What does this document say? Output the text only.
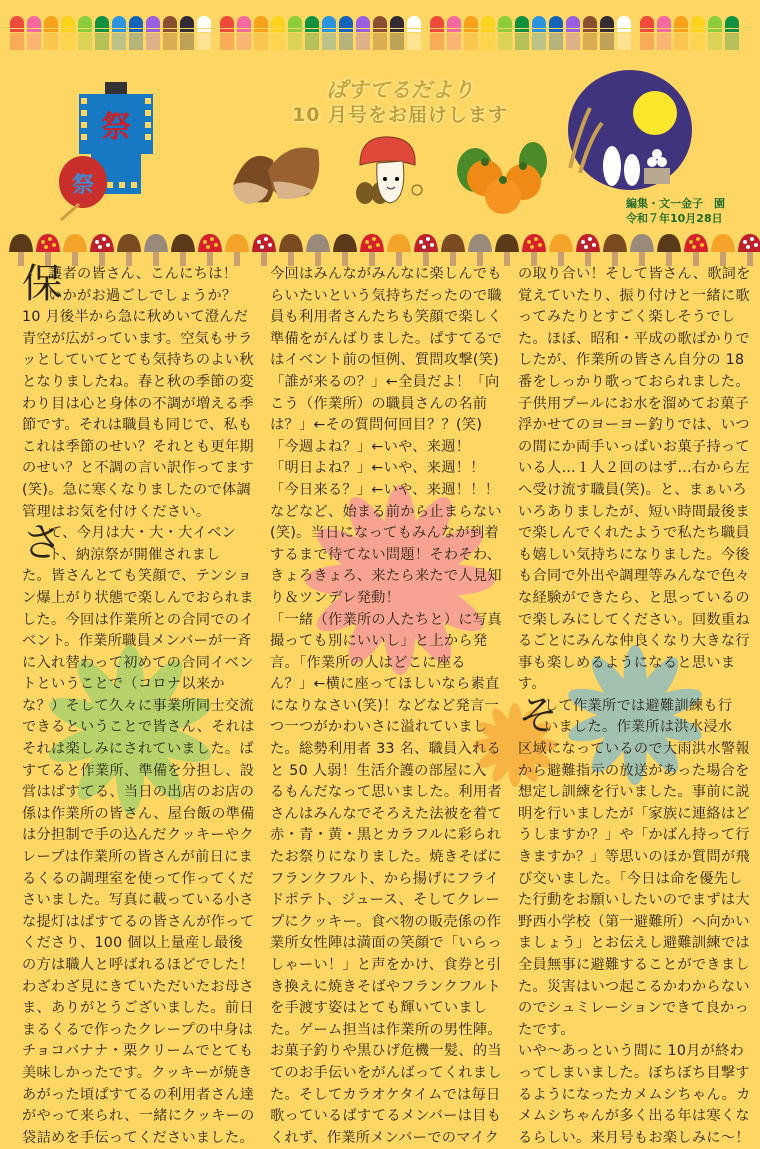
祭
祭
ぱすてるだより
10 月号をお届けします
編集・文一金子　園
令和７年10月28日
保
護者の皆さん、こんにちは！
いかがお過ごしでしょうか？
10 月後半から急に秋めいて澄んだ
青空が広がっています。空気もサラ
ッとしていてとても気持ちのよい秋
となりましたね。春と秋の季節の変
わり目は心と身体の不調が増える季
節です。それは職員も同じで、私も
これは季節のせい？それとも更年期
のせい？と不調の言い訳作ってます
(笑)。急に寒くなりましたので体調
管理はお気を付けください。
さ
て、今月は大・大・大イベン
ト、納涼祭が開催されまし
た。皆さんとても笑顔で、テンショ
ン爆上がり状態で楽しんでおられま
した。今回は作業所との合同でのイ
ベント。作業所職員メンバーが一斉
に入れ替わって初めての合同イベン
トということで（コロナ以来か
な？）そして久々に事業所同士交流
できるということで皆さん、それは
それは楽しみにされていました。ぱ
すてると作業所、準備を分担し、設
営はぱすてる、当日の出店のお店の
係は作業所の皆さん、屋台飯の準備
は分担制で手の込んだクッキーやク
レープは作業所の皆さんが前日にま
るくるの調理室を使って作ってくだ
さいました。写真に載っている小さ
な提灯はぱすてるの皆さんが作って
くださり、100 個以上量産し最後
の方は職人と呼ばれるほどでした！
わざわざ見にきていただいたお母さ
ま、ありがとうございました。前日
まるくるで作ったクレープの中身は
チョコバナナ・栗クリームでとても
美味しかったです。クッキーが焼き
あがった頃ぱすてるの利用者さん達
がやって来られ、一緒にクッキーの
袋詰めを手伝ってくださいました。
今回はみんながみんなに楽しんでも
らいたいという気持ちだったので職
員も利用者さんたちも笑顔で楽しく
準備をがんばりました。ぱすてるで
はイベント前の恒例、質問攻撃(笑)
「誰が来るの？」←全員だよ！「向
こう（作業所）の職員さんの名前
は？」←その質問何回目？？(笑)
「今週よね？」←いや、来週！
「明日よね？」←いや、来週！！
「今日来る？」←いや、来週！！！
などなど、始まる前から止まらない
(笑)。当日になってもみんなが到着
するまで待てない問題！そわそわ、
きょろきょろ、来たら来たで人見知
り＆ツンデレ発動！
「一緒（作業所の人たちと）に写真
撮っても別にいいし」と上から発
言。「作業所の人はどこに座る
ん？」←横に座ってほしいなら素直
になりなさい(笑)！などなど発言一
つ一つがかわいさに溢れていまし
た。総勢利用者 33 名、職員入れる
と 50 人弱！生活介護の部屋に入
るもんだなって思いました。利用者
さんはみんなでそろえた法被を着て
赤・青・黄・黒とカラフルに彩られ
たお祭りになりました。焼きそばに
フランクフルト、から揚げにフライ
ドポテト、ジュース、そしてクレー
プにクッキー。食べ物の販売係の作
業所女性陣は満面の笑顔で「いらっ
しゃーい！」と声をかけ、食券と引
き換えに焼きそばやフランクフルト
を手渡す姿はとても輝いていまし
た。ゲーム担当は作業所の男性陣。
お菓子釣りや黒ひげ危機一髪、的当
てのお手伝いをがんばってくれまし
た。そしてカラオケタイムでは毎日
歌っているぱすてるメンバーは目も
くれず、作業所メンバーでのマイク
の取り合い！そして皆さん、歌詞を
覚えていたり、振り付けと一緒に歌
ってみたりとすごく楽しそうでし
た。ほぼ、昭和・平成の歌ばかりで
したが、作業所の皆さん自分の 18
番をしっかり歌っておられました。
子供用プールにお水を溜めてお菓子
浮かせてのヨーヨー釣りでは、いつ
の間にか両手いっぱいお菓子持って
いる人…１人２回のはず…右から左
へ受け流す職員(笑)。と、まぁいろ
いろありましたが、短い時間最後ま
で楽しんでくれたようで私たち職員
も嬉しい気持ちになりました。今後
も合同で外出や調理等みんなで色々
な経験ができたら、と思っているの
で楽しみにしてください。回数重ね
るごとにみんな仲良くなり大きな行
事も楽しめるようになると思いま
す。
そ
して作業所では避難訓練も行
いました。作業所は洪水浸水
区域になっているので大雨洪水警報
から避難指示の放送があった場合を
想定し訓練を行いました。事前に説
明を行いましたが「家族に連絡はど
うしますか？」や「かばん持って行
きますか？」等思いのほか質問が飛
び交いました。「今日は命を優先し
た行動をお願いしたいのでまずは大
野西小学校（第一避難所）へ向かい
ましょう」とお伝えし避難訓練では
全員無事に避難することができまし
た。災害はいつ起こるかわからない
のでシュミレーションできて良かっ
たです。
いや～あっという間に 10月が終わ
ってしまいました。ぼちぼち目撃す
るようになったカメムシちゃん。カ
メムシちゃんが多く出る年は寒くな
るらしい。来月号もお楽しみに～！
